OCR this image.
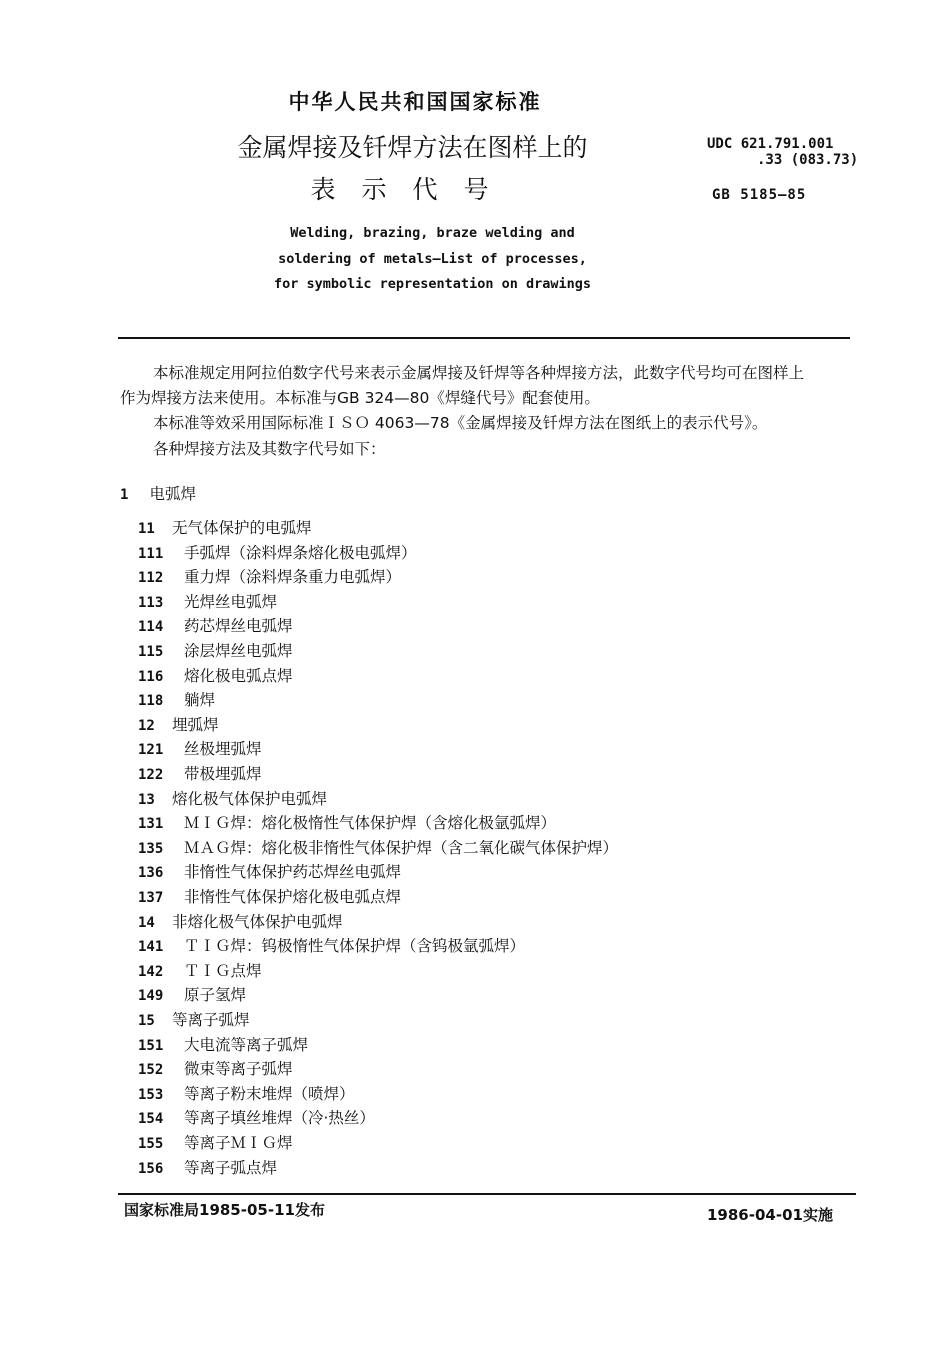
中华人民共和国国家标准
金属焊接及钎焊方法在图样上的
表示代号
UDC 621.791.001
.33 (083.73)
GB 5185—85
Welding, brazing, braze welding and
soldering of metals—List of processes,
for symbolic representation on drawings
本标准规定用阿拉伯数字代号来表示金属焊接及钎焊等各种焊接方法，此数字代号均可在图样上
作为焊接方法来使用。本标准与GB 324—80《焊缝代号》配套使用。
本标准等效采用国际标准ＩＳＯ 4063—78《金属焊接及钎焊方法在图纸上的表示代号》。
各种焊接方法及其数字代号如下：
1 电弧焊
11 无气体保护的电弧焊
111 手弧焊（涂料焊条熔化极电弧焊）
112 重力焊（涂料焊条重力电弧焊）
113 光焊丝电弧焊
114 药芯焊丝电弧焊
115 涂层焊丝电弧焊
116 熔化极电弧点焊
118 躺焊
12 埋弧焊
121 丝极埋弧焊
122 带极埋弧焊
13 熔化极气体保护电弧焊
131 ＭＩＧ焊：熔化极惰性气体保护焊（含熔化极氩弧焊）
135 ＭＡＧ焊：熔化极非惰性气体保护焊（含二氧化碳气体保护焊）
136 非惰性气体保护药芯焊丝电弧焊
137 非惰性气体保护熔化极电弧点焊
14 非熔化极气体保护电弧焊
141 ＴＩＧ焊：钨极惰性气体保护焊（含钨极氩弧焊）
142 ＴＩＧ点焊
149 原子氢焊
15 等离子弧焊
151 大电流等离子弧焊
152 微束等离子弧焊
153 等离子粉末堆焊（喷焊）
154 等离子填丝堆焊（冷·热丝）
155 等离子ＭＩＧ焊
156 等离子弧点焊
国家标准局1985-05-11发布	1986-04-01实施
